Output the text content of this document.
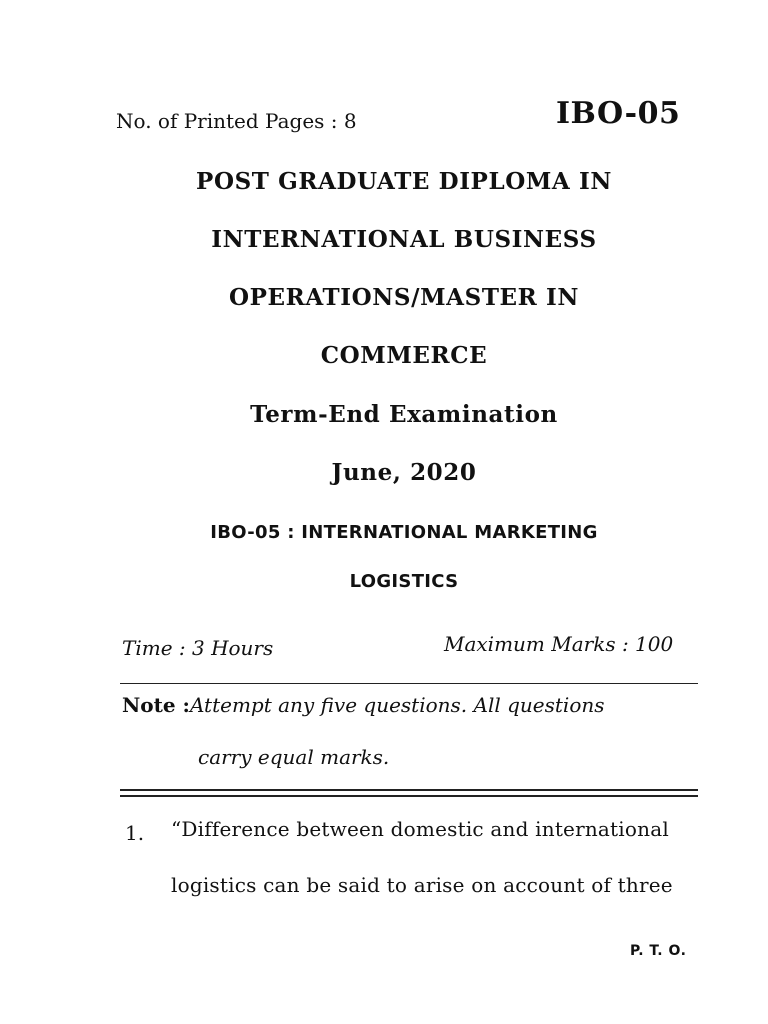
No. of Printed Pages : 8	IBO-05
POST GRADUATE DIPLOMA IN
INTERNATIONAL BUSINESS
OPERATIONS/MASTER IN
COMMERCE
Term-End Examination
June, 2020
IBO-05 : INTERNATIONAL MARKETING
LOGISTICS
Time : 3 Hours	Maximum Marks : 100
Note :Attempt any five questions. All questions
carry equal marks.
1. “Difference between domestic and international
logistics can be said to arise on account of three
P. T. O.
